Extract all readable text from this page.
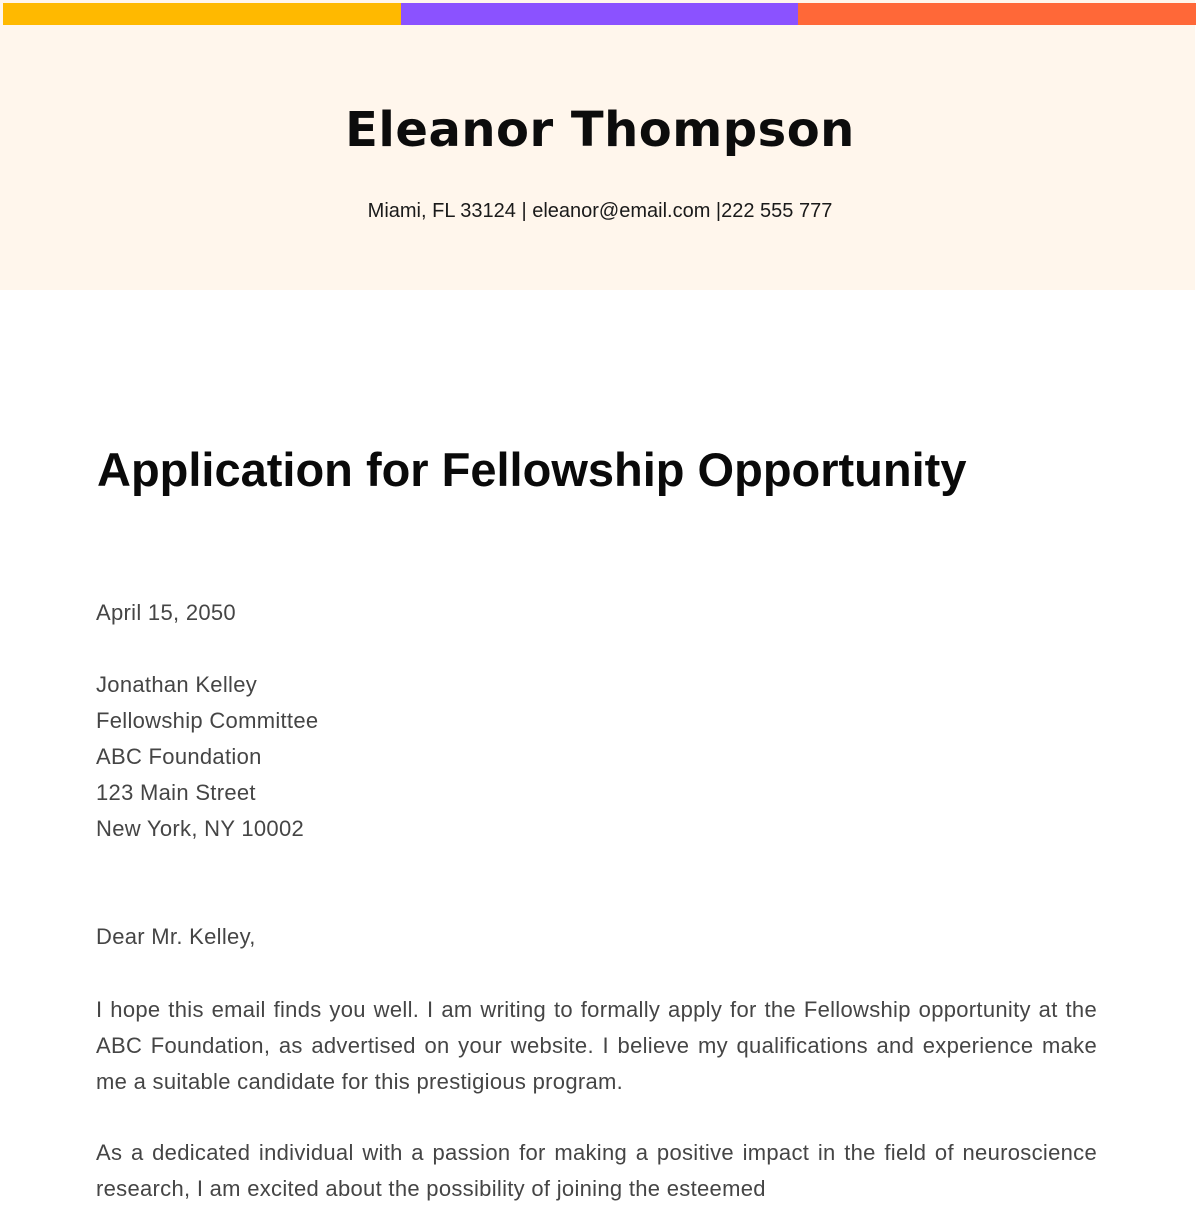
Eleanor Thompson

Miami, FL 33124 | eleanor@email.com |222 555 777

Application for Fellowship Opportunity

April 15, 2050

Jonathan Kelley
Fellowship Committee
ABC Foundation
123 Main Street
New York, NY 10002

Dear Mr. Kelley,

I hope this email finds you well. I am writing to formally apply for the Fellowship opportunity at the ABC Foundation, as advertised on your website. I believe my qualifications and experience make me a suitable candidate for this prestigious program.

As a dedicated individual with a passion for making a positive impact in the field of neuroscience research, I am excited about the possibility of joining the esteemed
